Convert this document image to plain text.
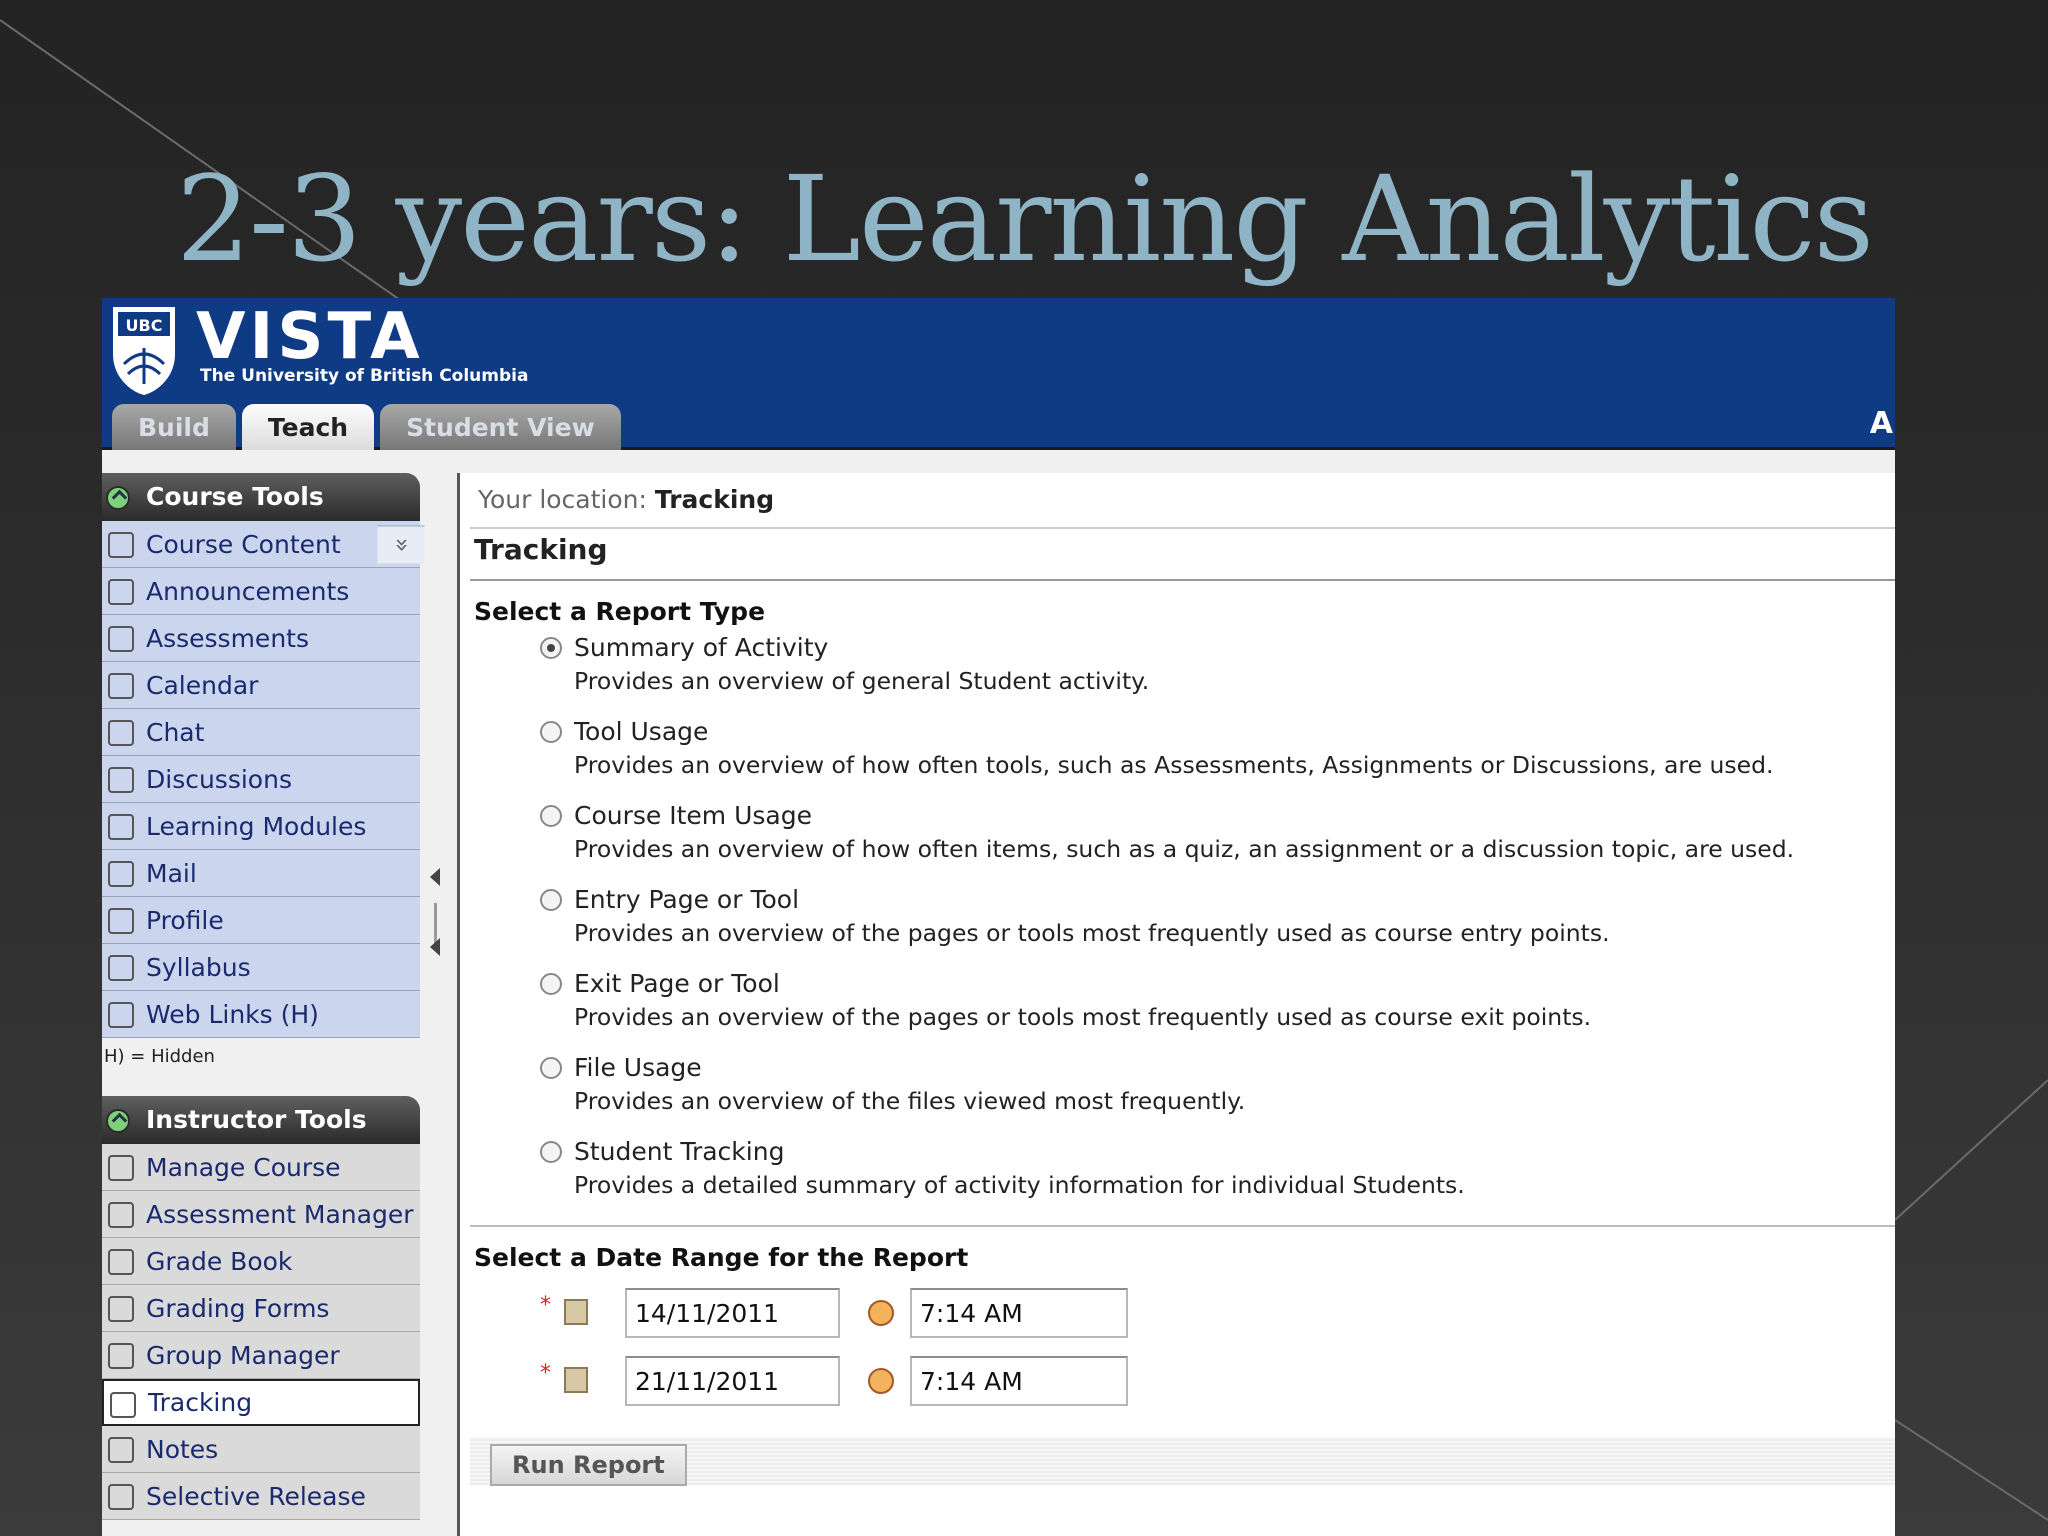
2-3 years: Learning Analytics
UBC VISTA
The University of British Columbia
Build	Teach	Student View	A
Course Tools
Course Content	»
Announcements
Assessments
Calendar
Chat
Discussions
Learning Modules
Mail
Profile
Syllabus
Web Links (H)
H) = Hidden
Instructor Tools
Manage Course
Assessment Manager
Grade Book
Grading Forms
Group Manager
Tracking
Notes
Selective Release
Your location: Tracking
Tracking
Select a Report Type
Summary of Activity
Provides an overview of general Student activity.
Tool Usage
Provides an overview of how often tools, such as Assessments, Assignments or Discussions, are used.
Course Item Usage
Provides an overview of how often items, such as a quiz, an assignment or a discussion topic, are used.
Entry Page or Tool
Provides an overview of the pages or tools most frequently used as course entry points.
Exit Page or Tool
Provides an overview of the pages or tools most frequently used as course exit points.
File Usage
Provides an overview of the files viewed most frequently.
Student Tracking
Provides a detailed summary of activity information for individual Students.
Select a Date Range for the Report
*
14/11/2011
7:14 AM
*
21/11/2011
7:14 AM
Run Report
